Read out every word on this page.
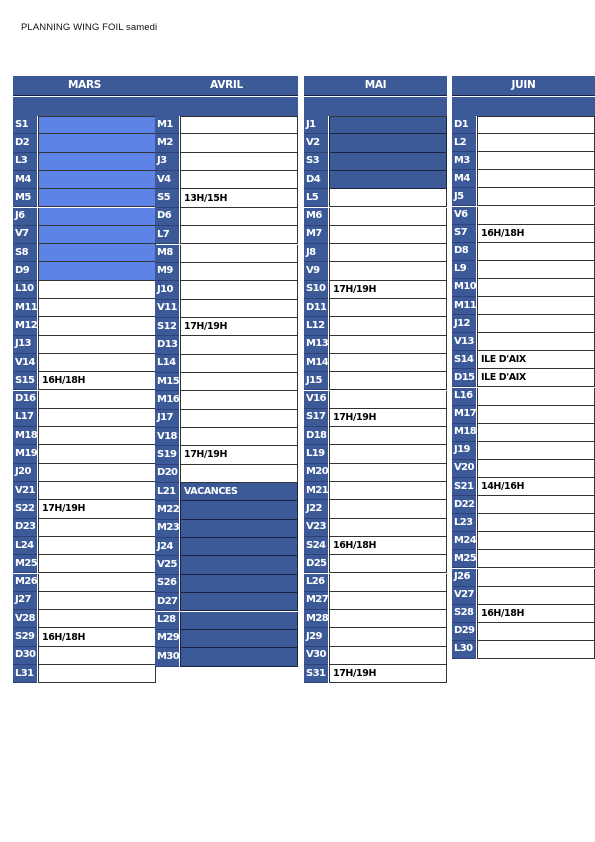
PLANNING WING FOIL samedi
MARS
S1
D2
L3
M4
M5
J6
V7
S8
D9
L10
M11
M12
J13
V14
S15 16H/18H
D16
L17
M18
M19
J20
V21
S22 17H/19H
D23
L24
M25
M26
J27
V28
S29 16H/18H
D30
L31
AVRIL
M1
M2
J3
V4
S5	13H/15H
D6
L7
M8
M9
J10
V11
S12 17H/19H
D13
L14
M15
M16
J17
V18
S19 17H/19H
D20
L21 VACANCES
M22
M23
J24
V25
S26
D27
L28
M29
M30
MAI
J1
V2
S3
D4
L5
M6
M7
J8
V9
S10 17H/19H
D11
L12
M13
M14
J15
V16
S17 17H/19H
D18
L19
M20
M21
J22
V23
S24 16H/18H
D25
L26
M27
M28
J29
V30
S31 17H/19H
JUIN
D1
L2
M3
M4
J5
V6
S7	16H/18H
D8
L9
M10
M11
J12
V13
S14 ILE D'AIX
D15 ILE D'AIX
L16
M17
M18
J19
V20
S21 14H/16H
D22
L23
M24
M25
J26
V27
S28 16H/18H
D29
L30
